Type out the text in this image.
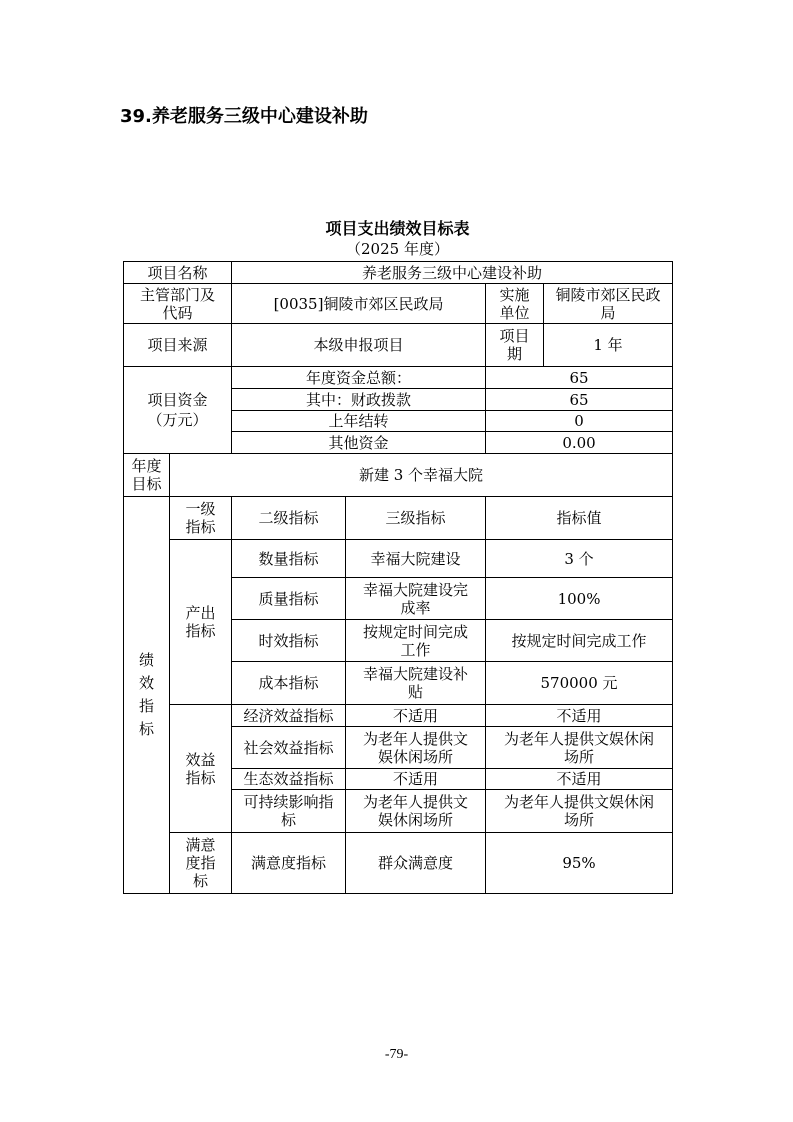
39.养老服务三级中心建设补助
项目支出绩效目标表
（2025 年度）
项目名称		养老服务三级中心建设补助			
主管部门及代码		[0035]铜陵市郊区民政局		实施单位	铜陵市郊区民政局
项目来源		本级申报项目		项目期	1 年
项目资金（万元）		年度资金总额：		65	
		其中：财政拨款		65	
		上年结转		0	
		其他资金		0.00	
年度目标	新建 3 个幸福大院				
绩效指标	一级指标	二级指标	三级指标	指标值	
	产出指标	数量指标	幸福大院建设	3 个	
		质量指标	幸福大院建设完成率	100%	
		时效指标	按规定时间完成工作	按规定时间完成工作	
		成本指标	幸福大院建设补贴	570000 元	
	效益指标	经济效益指标	不适用	不适用	
		社会效益指标	为老年人提供文娱休闲场所	为老年人提供文娱休闲场所	
		生态效益指标	不适用	不适用	
		可持续影响指标	为老年人提供文娱休闲场所	为老年人提供文娱休闲场所	
	满意度指标	满意度指标	群众满意度	95%	
-79-
